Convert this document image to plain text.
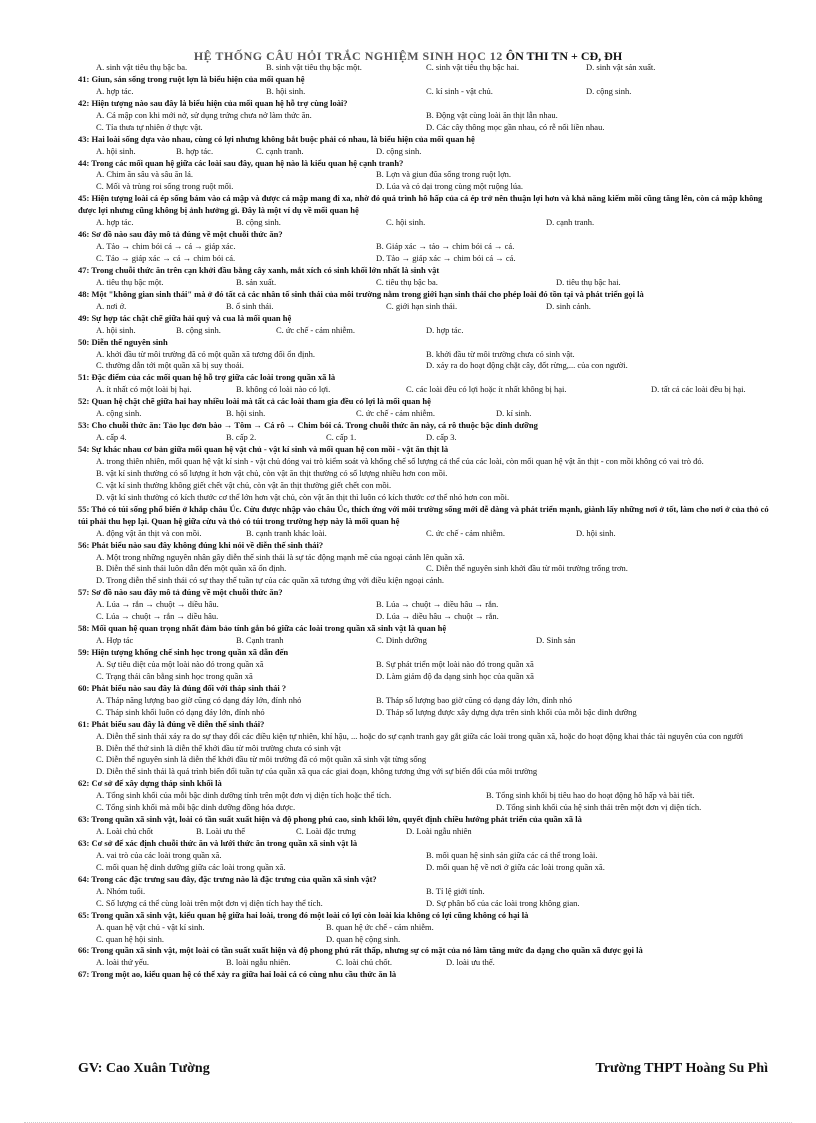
HỆ THỐNG CÂU HỎI TRẮC NGHIỆM SINH HỌC 12 ÔN THI TN + CĐ, ĐH
A. sinh vật tiêu thụ bậc ba.	B. sinh vật tiêu thụ bậc một.	C. sinh vật tiêu thụ bậc hai.	D. sinh vật sản xuất.
41: Giun, sán sống trong ruột lợn là biểu hiện của mối quan hệ
A. hợp tác.	B. hội sinh.	C. kí sinh - vật chủ.	D. cộng sinh.
42: Hiện tượng nào sau đây là biểu hiện của mối quan hệ hỗ trợ cùng loài?
A. Cá mập con khi mới nở, sử dụng trứng chưa nở làm thức ăn.	B. Động vật cùng loài ăn thịt lẫn nhau.
C. Tỉa thưa tự nhiên ở thực vật.	D. Các cây thông mọc gần nhau, có rễ nối liền nhau.
43: Hai loài sống dựa vào nhau, cùng có lợi nhưng không bắt buộc phải có nhau, là biểu hiện của mối quan hệ
A. hội sinh.	B. hợp tác.	C. cạnh tranh.	D. cộng sinh.
44: Trong các mối quan hệ giữa các loài sau đây, quan hệ nào là kiểu quan hệ cạnh tranh?
A. Chim ăn sâu và sâu ăn lá.	B. Lợn và giun đũa sống trong ruột lợn.
C. Mối và trùng roi sống trong ruột mối.	D. Lúa và cỏ dại trong cùng một ruộng lúa.
45: Hiện tượng loài cá ép sống bám vào cá mập và được cá mập mang đi xa, nhờ đó quá trình hô hấp của cá ép trở nên thuận lợi hơn và khả năng kiếm mồi cũng tăng lên, còn cá mập không được lợi nhưng cũng không bị ảnh hưởng gì. Đây là một ví dụ về mối quan hệ
A. hợp tác.	B. cộng sinh.	C. hội sinh.	D. cạnh tranh.
46: Sơ đồ nào sau đây mô tả đúng về một chuỗi thức ăn?
A. Tảo → chim bói cá → cá → giáp xác.	B. Giáp xác → tảo → chim bói cá → cá.
C. Tảo → giáp xác → cá → chim bói cá.	D. Tảo → giáp xác → chim bói cá → cá.
47: Trong chuỗi thức ăn trên cạn khởi đầu bằng cây xanh, mắt xích có sinh khối lớn nhất là sinh vật
A. tiêu thụ bậc một.	B. sản xuất.	C. tiêu thụ bậc ba.	D. tiêu thụ bậc hai.
48: Một "không gian sinh thái" mà ở đó tất cả các nhân tố sinh thái của môi trường nằm trong giới hạn sinh thái cho phép loài đó tồn tại và phát triển gọi là
A. nơi ở.	B. ổ sinh thái.	C. giới hạn sinh thái.	D. sinh cảnh.
49: Sự hợp tác chặt chẽ giữa hải quỳ và cua là mối quan hệ
A. hội sinh.	B. cộng sinh.	C. ức chế - cảm nhiễm.	D. hợp tác.
50: Diễn thế nguyên sinh
A. khởi đầu từ môi trường đã có một quần xã tương đối ổn định.	B. khởi đầu từ môi trường chưa có sinh vật.
C. thường dẫn tới một quần xã bị suy thoái.	D. xảy ra do hoạt động chặt cây, đốt rừng,... của con người.
51: Đặc điểm của các mối quan hệ hỗ trợ giữa các loài trong quần xã là
A. ít nhất có một loài bị hại.	B. không có loài nào có lợi.	C. các loài đều có lợi hoặc ít nhất không bị hại.	D. tất cả các loài đều bị hại.
52: Quan hệ chặt chẽ giữa hai hay nhiều loài mà tất cả các loài tham gia đều có lợi là mối quan hệ
A. cộng sinh.	B. hội sinh.	C. ức chế - cảm nhiễm.	D. kí sinh.
53: Cho chuỗi thức ăn: Tảo lục đơn bào → Tôm → Cá rô → Chim bói cá. Trong chuỗi thức ăn này, cá rô thuộc bậc dinh dưỡng
A. cấp 4.	B. cấp 2.	C. cấp 1.	D. cấp 3.
54: Sự khác nhau cơ bản giữa mối quan hệ vật chủ - vật kí sinh và mối quan hệ con mồi - vật ăn thịt là
A. trong thiên nhiên, mối quan hệ vật kí sinh - vật chủ đóng vai trò kiểm soát và khống chế số lượng cá thể của các loài, còn mối quan hệ vật ăn thịt - con mồi không có vai trò đó.
B. vật kí sinh thường có số lượng ít hơn vật chủ, còn vật ăn thịt thường có số lượng nhiều hơn con mồi.
C. vật kí sinh thường không giết chết vật chủ, còn vật ăn thịt thường giết chết con mồi.
D. vật kí sinh thường có kích thước cơ thể lớn hơn vật chủ, còn vật ăn thịt thì luôn có kích thước cơ thể nhỏ hơn con mồi.
55: Thỏ có túi sống phổ biến ở khắp châu Úc. Cừu được nhập vào châu Úc, thích ứng với môi trường sống mới dễ dàng và phát triển mạnh, giành lấy những nơi ở tốt, làm cho nơi ở của thỏ có túi phải thu hẹp lại. Quan hệ giữa cừu và thỏ có túi trong trường hợp này là mối quan hệ
A. động vật ăn thịt và con mồi.	B. cạnh tranh khác loài.	C. ức chế - cảm nhiễm.	D. hội sinh.
56: Phát biểu nào sau đây không đúng khi nói về diễn thế sinh thái?
A. Một trong những nguyên nhân gây diễn thế sinh thái là sự tác động mạnh mẽ của ngoại cảnh lên quần xã.
B. Diễn thế sinh thái luôn dẫn đến một quần xã ổn định.	C. Diễn thế nguyên sinh khởi đầu từ môi trường trống trơn.
D. Trong diễn thế sinh thái có sự thay thế tuần tự của các quần xã tương ứng với điều kiện ngoại cảnh.
57: Sơ đồ nào sau đây mô tả đúng về một chuỗi thức ăn?
A. Lúa → rắn → chuột → diều hâu.	B. Lúa → chuột → diều hâu → rắn.
C. Lúa → chuột → rắn → diều hâu.	D. Lúa → diều hâu → chuột → rắn.
58: Mối quan hệ quan trọng nhất đảm bảo tính gắn bó giữa các loài trong quần xã sinh vật là quan hệ
A. Hợp tác	B. Cạnh tranh	C. Dinh dưỡng	D. Sinh sản
59: Hiện tượng khống chế sinh học trong quần xã dẫn đến
A. Sự tiêu diệt của một loài nào đó trong quần xã	B. Sự phát triển một loài nào đó trong quần xã
C. Trạng thái cân bằng sinh học trong quần xã	D. Làm giảm độ đa dạng sinh học của quần xã
60: Phát biểu nào sau đây là đúng đối với tháp sinh thái ?
A. Tháp năng lượng bao giờ cũng có dạng đáy lớn, đỉnh nhỏ	B. Tháp số lượng bao giờ cũng có dạng đáy lớn, đỉnh nhỏ
C. Tháp sinh khối luôn có dạng đáy lớn, đỉnh nhỏ	D. Tháp số lượng được xây dựng dựa trên sinh khối của mỗi bậc dinh dưỡng
61: Phát biểu sau đây là đúng về diễn thế sinh thái?
A. Diễn thế sinh thái xảy ra do sự thay đổi các điều kiện tự nhiên, khí hậu, ... hoặc do sự cạnh tranh gay gắt giữa các loài trong quần xã, hoặc do hoạt động khai thác tài nguyên của con người
B. Diễn thế thứ sinh là diễn thế khởi đầu từ môi trường chưa có sinh vật
C. Diễn thế nguyên sinh là diễn thế khởi đầu từ môi trường đã có một quần xã sinh vật từng sống
D. Diễn thế sinh thái là quá trình biến đổi tuần tự của quần xã qua các giai đoạn, không tương ứng với sự biến đổi của môi trường
62: Cơ sở để xây dựng tháp sinh khối là
A. Tổng sinh khối của mỗi bậc dinh dưỡng tính trên một đơn vị diện tích hoặc thể tích.	B. Tổng sinh khối bị tiêu hao do hoạt động hô hấp và bài tiết.
C. Tổng sinh khối mà mỗi bậc dinh dưỡng đồng hóa được.	D. Tổng sinh khối của hệ sinh thái trên một đơn vị diện tích.
63: Trong quần xã sinh vật, loài có tần suất xuất hiện và độ phong phú cao, sinh khối lớn, quyết định chiều hướng phát triển của quần xã là
A. Loài chủ chốt	B. Loài ưu thế	C. Loài đặc trưng	D. Loài ngẫu nhiên
63: Cơ sở để xác định chuỗi thức ăn và lưới thức ăn trong quần xã sinh vật là
A. vai trò của các loài trong quần xã.	B. mối quan hệ sinh sản giữa các cá thể trong loài.
C. mối quan hệ dinh dưỡng giữa các loài trong quần xã.	D. mối quan hệ về nơi ở giữa các loài trong quần xã.
64: Trong các đặc trưng sau đây, đặc trưng nào là đặc trưng của quần xã sinh vật?
A. Nhóm tuổi.	B. Tỉ lệ giới tính.
C. Số lượng cá thể cùng loài trên một đơn vị diện tích hay thể tích.	D. Sự phân bố của các loài trong không gian.
65: Trong quần xã sinh vật, kiểu quan hệ giữa hai loài, trong đó một loài có lợi còn loài kia không có lợi cũng không có hại là
A. quan hệ vật chủ - vật kí sinh.	B. quan hệ ức chế - cảm nhiễm.
C. quan hệ hội sinh.	D. quan hệ cộng sinh.
66: Trong quần xã sinh vật, một loài có tần suất xuất hiện và độ phong phú rất thấp, nhưng sự có mặt của nó làm tăng mức đa dạng cho quần xã được gọi là
A. loài thứ yếu.	B. loài ngẫu nhiên.	C. loài chủ chốt.	D. loài ưu thế.
67: Trong một ao, kiểu quan hệ có thể xảy ra giữa hai loài cá có cùng nhu cầu thức ăn là
GV: Cao Xuân Tường	Trường THPT Hoàng Su Phì
